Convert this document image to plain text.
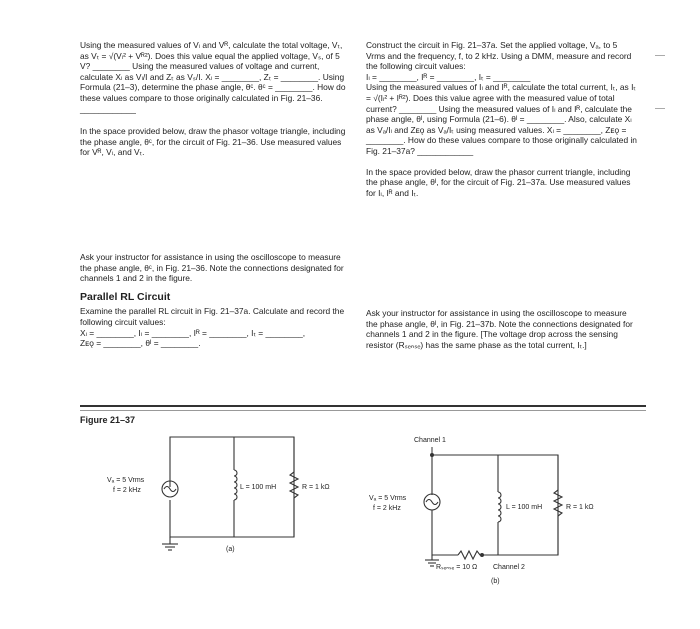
Using the measured values of Vₗ and Vᴿ, calculate the total voltage, Vₜ, as Vₜ = √(Vₗ² + Vᴿ²). Does this value equal the applied voltage, Vₛ, of 5 V? ________ Using the measured values of voltage and current, calculate Xₗ as Vₗ/I and Zₜ as Vₛ/I. Xₗ = ________, Zₜ = ________. Using Formula (21–3), determine the phase angle, θᶜ. θᶜ = ________. How do these values compare to those originally calculated in Fig. 21–36. ____________

In the space provided below, draw the phasor voltage triangle, including the phase angle, θᶜ, for the circuit of Fig. 21–36. Use measured values for Vᴿ, Vₗ, and Vₜ.

Ask your instructor for assistance in using the oscilloscope to measure the phase angle, θᶜ, in Fig. 21–36. Note the connections designated for channels 1 and 2 in the figure.

Parallel RL Circuit

Examine the parallel RL circuit in Fig. 21–37a. Calculate and record the following circuit values:

Xₗ = ________, Iₗ = ________, Iᴿ = ________, Iₜ = ________,

Zᴇǫ = ________, θᴵ = ________.

Construct the circuit in Fig. 21–37a. Set the applied voltage, Vₐ, to 5 Vrms and the frequency, f, to 2 kHz. Using a DMM, measure and record the following circuit values:

Iₗ = ________, Iᴿ = ________, Iₜ = ________

Using the measured values of Iₗ and Iᴿ, calculate the total current, Iₜ, as Iₜ = √(Iₗ² + Iᴿ²). Does this value agree with the measured value of total current? ________ Using the measured values of Iₗ and Iᴿ, calculate the phase angle, θᴵ, using Formula (21–6). θᴵ = ________. Also, calculate Xₗ as Vₐ/Iₗ and Zᴇǫ as Vₐ/Iₜ using measured values. Xₗ = ________, Zᴇǫ = ________. How do these values compare to those originally calculated in Fig. 21–37a? ____________

In the space provided below, draw the phasor current triangle, including the phase angle, θᴵ, for the circuit of Fig. 21–37a. Use measured values for Iₗ, Iᴿ and Iₜ.

Ask your instructor for assistance in using the oscilloscope to measure the phase angle, θᴵ, in Fig. 21–37b. Note the connections designated for channels 1 and 2 in the figure. [The voltage drop across the sensing resistor (Rₛₑₙₛₑ) has the same phase as the total current, Iₜ.]

Figure 21–37
Vₐ = 5 Vrms
f = 2 kHz	L = 100 mH	R = 1 kΩ
(a)
Channel 1
Vₐ = 5 Vrms
f = 2 kHz	L = 100 mH	R = 1 kΩ
Rₛₑₙₛₑ = 10 Ω Channel 2
(b)
